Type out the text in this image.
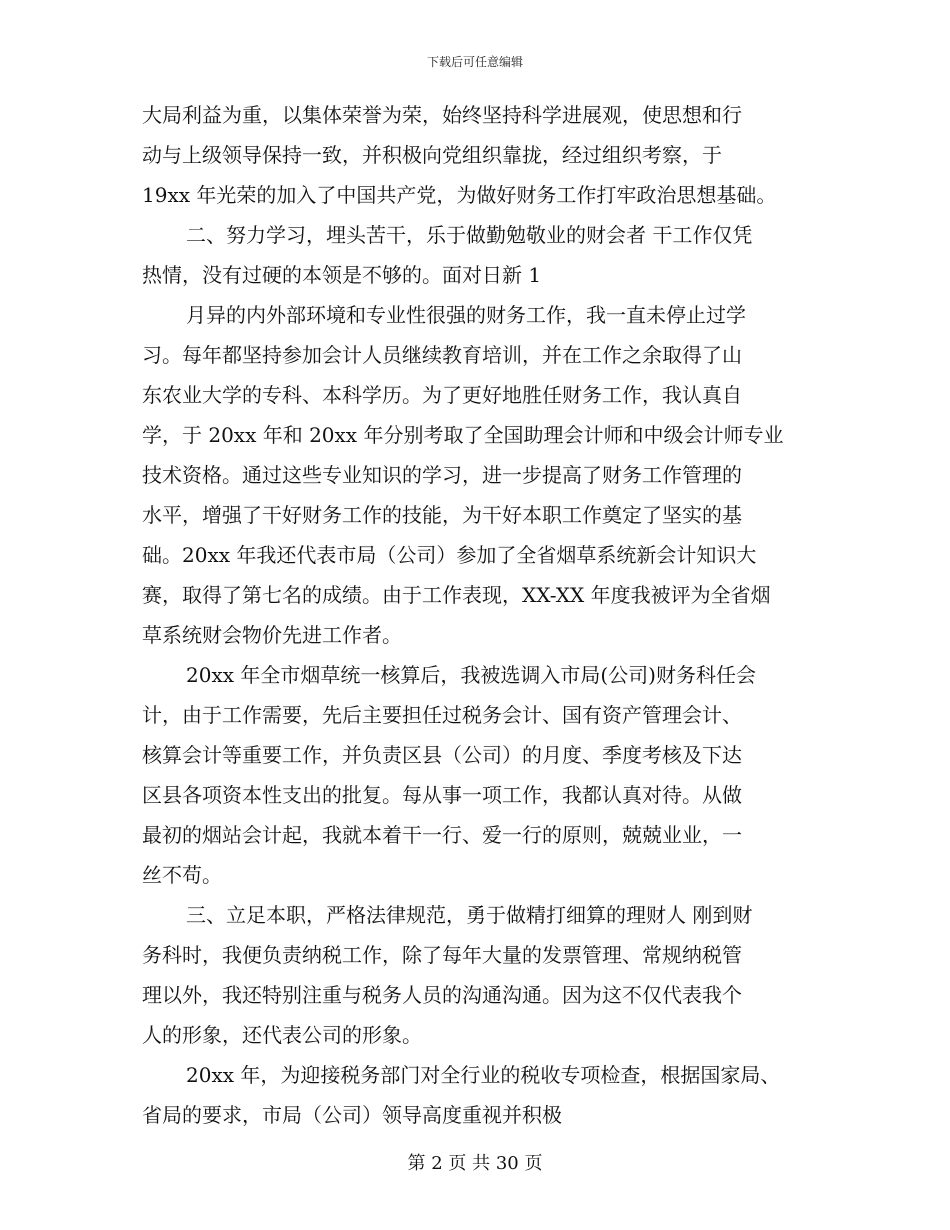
下载后可任意编辑
大局利益为重，以集体荣誉为荣，始终坚持科学进展观，使思想和行
动与上级领导保持一致，并积极向党组织靠拢，经过组织考察，于
19xx 年光荣的加入了中国共产党，为做好财务工作打牢政治思想基础。
二、努力学习，埋头苦干，乐于做勤勉敬业的财会者 干工作仅凭
热情，没有过硬的本领是不够的。面对日新 1
月异的内外部环境和专业性很强的财务工作，我一直未停止过学
习。每年都坚持参加会计人员继续教育培训，并在工作之余取得了山
东农业大学的专科、本科学历。为了更好地胜任财务工作，我认真自
学，于 20xx 年和 20xx 年分别考取了全国助理会计师和中级会计师专业
技术资格。通过这些专业知识的学习，进一步提高了财务工作管理的
水平，增强了干好财务工作的技能，为干好本职工作奠定了坚实的基
础。20xx 年我还代表市局（公司）参加了全省烟草系统新会计知识大
赛，取得了第七名的成绩。由于工作表现，XX-XX 年度我被评为全省烟
草系统财会物价先进工作者。
20xx 年全市烟草统一核算后，我被选调入市局(公司)财务科任会
计，由于工作需要，先后主要担任过税务会计、国有资产管理会计、
核算会计等重要工作，并负责区县（公司）的月度、季度考核及下达
区县各项资本性支出的批复。每从事一项工作，我都认真对待。从做
最初的烟站会计起，我就本着干一行、爱一行的原则，兢兢业业，一
丝不苟。
三、立足本职，严格法律规范，勇于做精打细算的理财人 刚到财
务科时，我便负责纳税工作，除了每年大量的发票管理、常规纳税管
理以外，我还特别注重与税务人员的沟通沟通。因为这不仅代表我个
人的形象，还代表公司的形象。
20xx 年，为迎接税务部门对全行业的税收专项检查，根据国家局、
省局的要求，市局（公司）领导高度重视并积极
第 2 页 共 30 页
